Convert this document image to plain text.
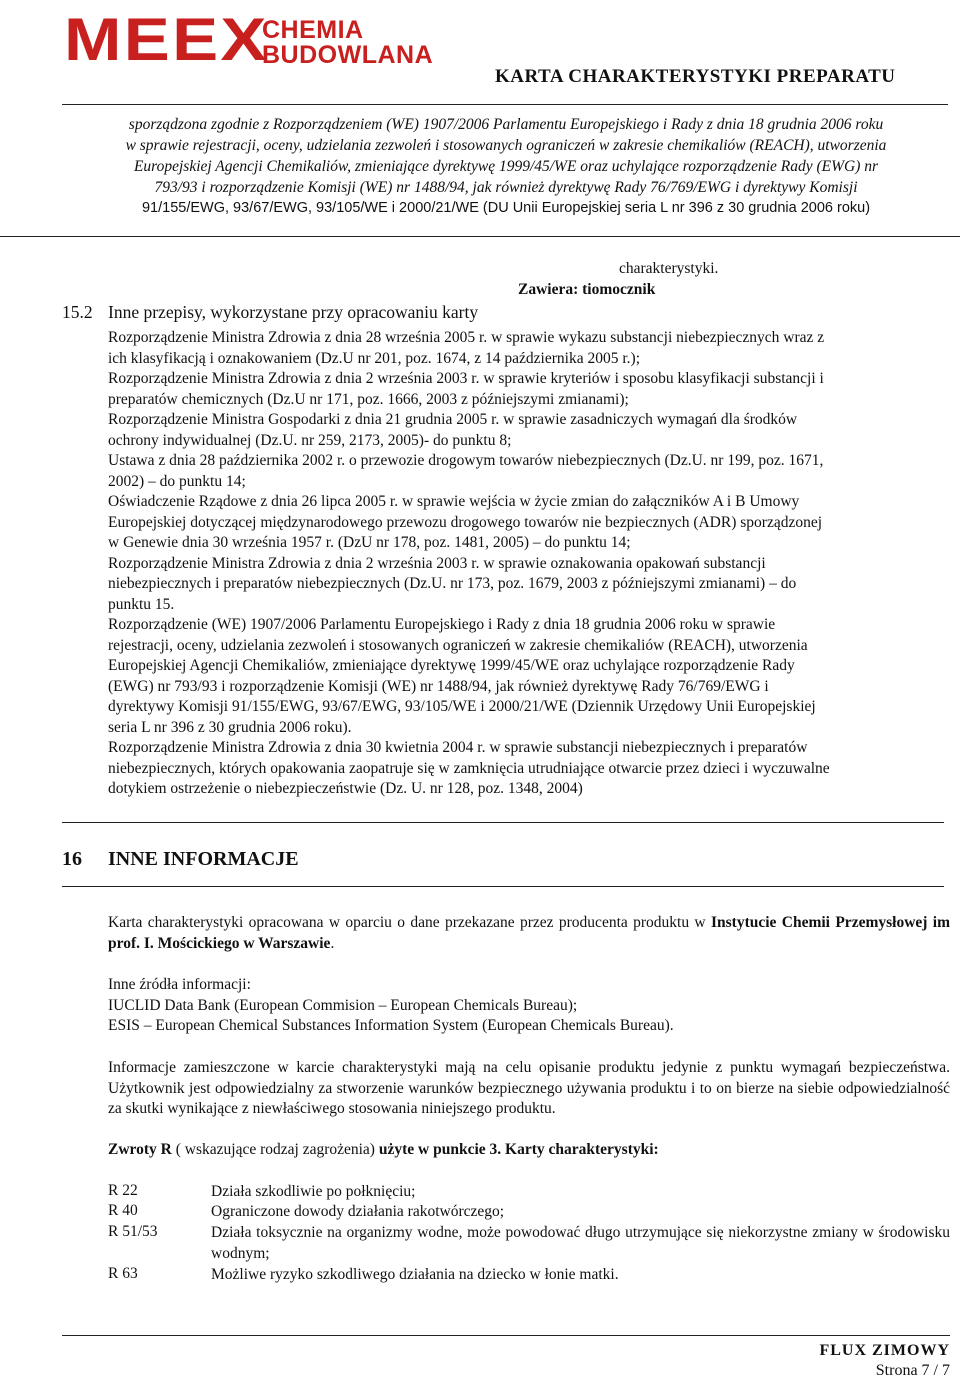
MEEX
CHEMIA
BUDOWLANA
KARTA CHARAKTERYSTYKI PREPARATU
sporządzona zgodnie z Rozporządzeniem (WE) 1907/2006 Parlamentu Europejskiego i Rady z dnia 18 grudnia 2006 roku
w sprawie rejestracji, oceny, udzielania zezwoleń i stosowanych ograniczeń w zakresie chemikaliów (REACH), utworzenia
Europejskiej Agencji Chemikaliów, zmieniające dyrektywę 1999/45/WE oraz uchylające rozporządzenie Rady (EWG) nr
793/93 i rozporządzenie Komisji (WE) nr 1488/94, jak również dyrektywę Rady 76/769/EWG i dyrektywy Komisji
91/155/EWG, 93/67/EWG, 93/105/WE i 2000/21/WE (DU Unii Europejskiej seria L nr 396 z 30 grudnia 2006 roku)
charakterystyki.
Zawiera: tiomocznik
15.2 Inne przepisy, wykorzystane przy opracowaniu karty
Rozporządzenie Ministra Zdrowia z dnia 28 września 2005 r. w sprawie wykazu substancji niebezpiecznych wraz z
ich klasyfikacją i oznakowaniem (Dz.U nr 201, poz. 1674, z 14 października 2005 r.);
Rozporządzenie Ministra Zdrowia z dnia 2 września 2003 r. w sprawie kryteriów i sposobu klasyfikacji substancji i
preparatów chemicznych (Dz.U nr 171, poz. 1666, 2003 z późniejszymi zmianami);
Rozporządzenie Ministra Gospodarki z dnia 21 grudnia 2005 r. w sprawie zasadniczych wymagań dla środków
ochrony indywidualnej (Dz.U. nr 259, 2173, 2005)- do punktu 8;
Ustawa z dnia 28 października 2002 r. o przewozie drogowym towarów niebezpiecznych (Dz.U. nr 199, poz. 1671,
2002) – do punktu 14;
Oświadczenie Rządowe z dnia 26 lipca 2005 r. w sprawie wejścia w życie zmian do załączników A i B Umowy
Europejskiej dotyczącej międzynarodowego przewozu drogowego towarów nie bezpiecznych (ADR) sporządzonej
w Genewie dnia 30 września 1957 r. (DzU nr 178, poz. 1481, 2005) – do punktu 14;
Rozporządzenie Ministra Zdrowia z dnia 2 września 2003 r. w sprawie oznakowania opakowań substancji
niebezpiecznych i preparatów niebezpiecznych (Dz.U. nr 173, poz. 1679, 2003 z późniejszymi zmianami) – do
punktu 15.
Rozporządzenie (WE) 1907/2006 Parlamentu Europejskiego i Rady z dnia 18 grudnia 2006 roku w sprawie
rejestracji, oceny, udzielania zezwoleń i stosowanych ograniczeń w zakresie chemikaliów (REACH), utworzenia
Europejskiej Agencji Chemikaliów, zmieniające dyrektywę 1999/45/WE oraz uchylające rozporządzenie Rady
(EWG) nr 793/93 i rozporządzenie Komisji (WE) nr 1488/94, jak również dyrektywę Rady 76/769/EWG i
dyrektywy Komisji 91/155/EWG, 93/67/EWG, 93/105/WE i 2000/21/WE (Dziennik Urzędowy Unii Europejskiej
seria L nr 396 z 30 grudnia 2006 roku).
Rozporządzenie Ministra Zdrowia z dnia 30 kwietnia 2004 r. w sprawie substancji niebezpiecznych i preparatów
niebezpiecznych, których opakowania zaopatruje się w zamknięcia utrudniające otwarcie przez dzieci i wyczuwalne
dotykiem ostrzeżenie o niebezpieczeństwie (Dz. U. nr 128, poz. 1348, 2004)
16 INNE INFORMACJE
Karta charakterystyki opracowana w oparciu o dane przekazane przez producenta produktu w Instytucie Chemii Przemysłowej im prof. I. Mościckiego w Warszawie.
Inne źródła informacji:
IUCLID Data Bank (European Commision – European Chemicals Bureau);
ESIS – European Chemical Substances Information System (European Chemicals Bureau).
Informacje zamieszczone w karcie charakterystyki mają na celu opisanie produktu jedynie z punktu wymagań bezpieczeństwa. Użytkownik jest odpowiedzialny za stworzenie warunków bezpiecznego używania produktu i to on bierze na siebie odpowiedzialność za skutki wynikające z niewłaściwego stosowania niniejszego produktu.
Zwroty R ( wskazujące rodzaj zagrożenia) użyte w punkcie 3. Karty charakterystyki:
R 22	Działa szkodliwie po połknięciu;
R 40	Ograniczone dowody działania rakotwórczego;
R 51/53	Działa toksycznie na organizmy wodne, może powodować długo utrzymujące się niekorzystne zmiany w środowisku wodnym;
R 63	Możliwe ryzyko szkodliwego działania na dziecko w łonie matki.
FLUX ZIMOWY
Strona 7 / 7
